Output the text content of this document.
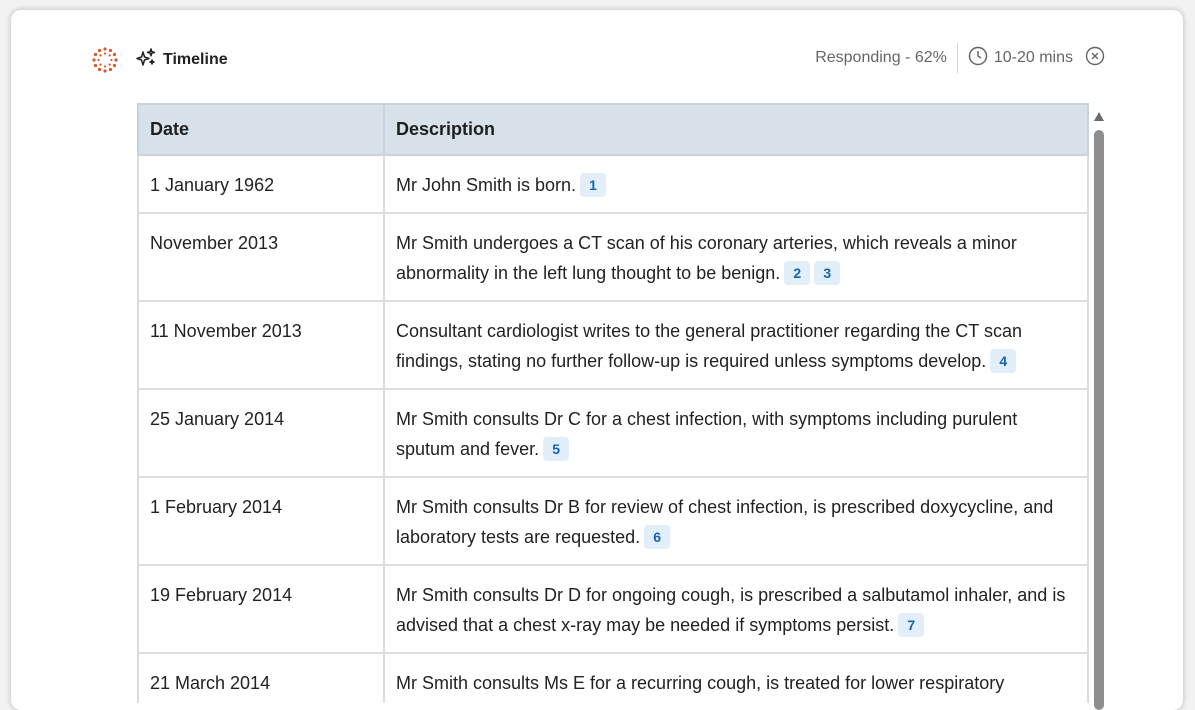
Timeline	Responding - 62%	10-20 mins
Date	Description
1 January 1962	Mr John Smith is born. 1
November 2013	Mr Smith undergoes a CT scan of his coronary arteries, which reveals a minor abnormality in the left lung thought to be benign. 2 3
11 November 2013	Consultant cardiologist writes to the general practitioner regarding the CT scan findings, stating no further follow-up is required unless symptoms develop. 4
25 January 2014	Mr Smith consults Dr C for a chest infection, with symptoms including purulent sputum and fever. 5
1 February 2014	Mr Smith consults Dr B for review of chest infection, is prescribed doxycycline, and laboratory tests are requested. 6
19 February 2014	Mr Smith consults Dr D for ongoing cough, is prescribed a salbutamol inhaler, and is advised that a chest x-ray may be needed if symptoms persist. 7
21 March 2014	Mr Smith consults Ms E for a recurring cough, is treated for lower respiratory
